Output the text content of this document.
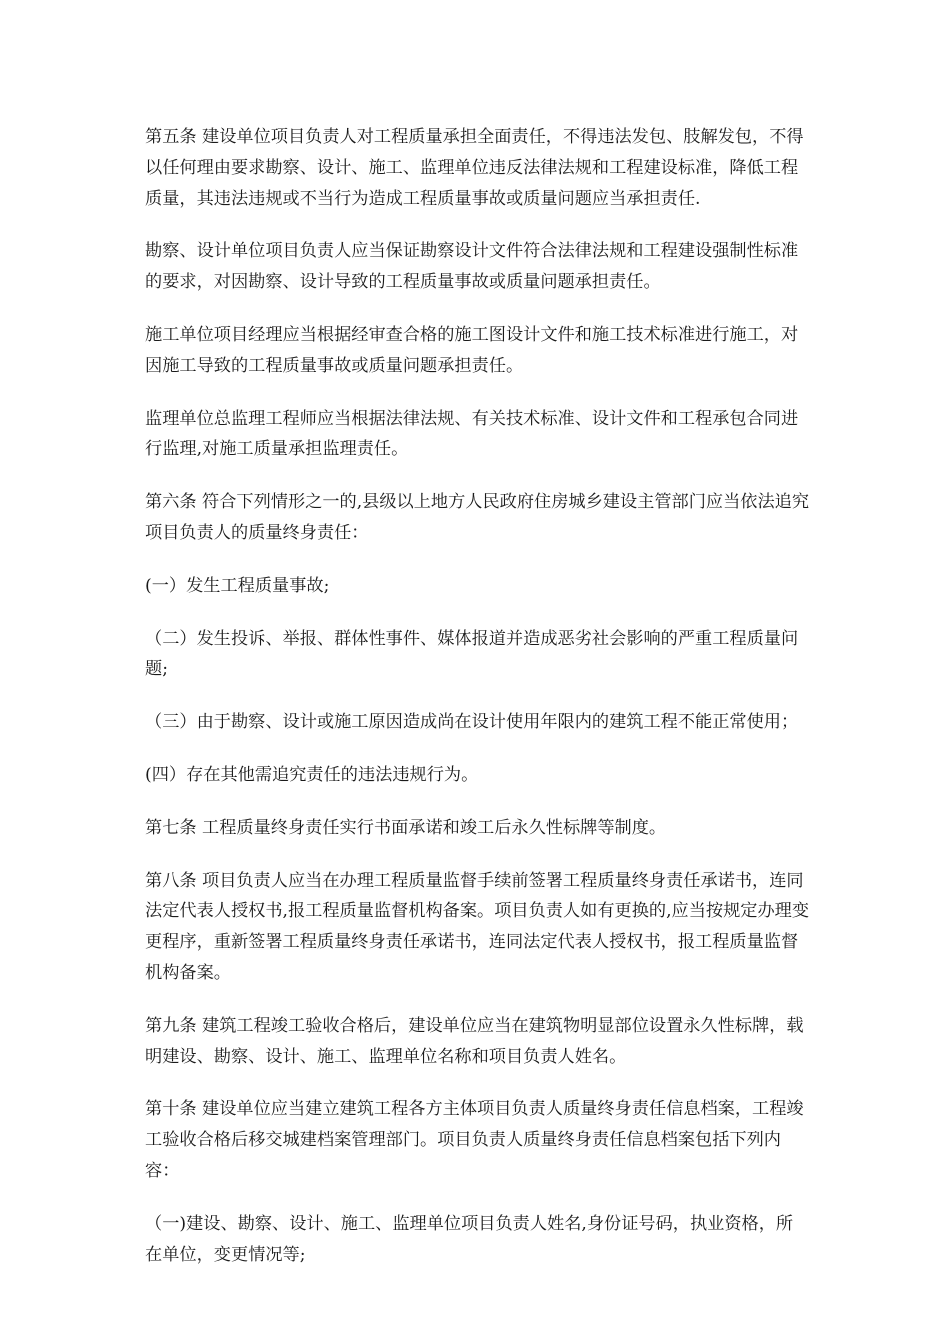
第五条 建设单位项目负责人对工程质量承担全面责任，不得违法发包、肢解发包，不得以任何理由要求勘察、设计、施工、监理单位违反法律法规和工程建设标准，降低工程质量，其违法违规或不当行为造成工程质量事故或质量问题应当承担责任.

勘察、设计单位项目负责人应当保证勘察设计文件符合法律法规和工程建设强制性标准的要求，对因勘察、设计导致的工程质量事故或质量问题承担责任。

施工单位项目经理应当根据经审查合格的施工图设计文件和施工技术标准进行施工，对因施工导致的工程质量事故或质量问题承担责任。

监理单位总监理工程师应当根据法律法规、有关技术标准、设计文件和工程承包合同进行监理,对施工质量承担监理责任。

第六条 符合下列情形之一的,县级以上地方人民政府住房城乡建设主管部门应当依法追究项目负责人的质量终身责任：

(一）发生工程质量事故;

（二）发生投诉、举报、群体性事件、媒体报道并造成恶劣社会影响的严重工程质量问题;

（三）由于勘察、设计或施工原因造成尚在设计使用年限内的建筑工程不能正常使用；

(四）存在其他需追究责任的违法违规行为。

第七条 工程质量终身责任实行书面承诺和竣工后永久性标牌等制度。

第八条 项目负责人应当在办理工程质量监督手续前签署工程质量终身责任承诺书，连同法定代表人授权书,报工程质量监督机构备案。项目负责人如有更换的,应当按规定办理变更程序，重新签署工程质量终身责任承诺书，连同法定代表人授权书，报工程质量监督机构备案。

第九条 建筑工程竣工验收合格后，建设单位应当在建筑物明显部位设置永久性标牌，载明建设、勘察、设计、施工、监理单位名称和项目负责人姓名。

第十条 建设单位应当建立建筑工程各方主体项目负责人质量终身责任信息档案，工程竣工验收合格后移交城建档案管理部门。项目负责人质量终身责任信息档案包括下列内容：

（一)建设、勘察、设计、施工、监理单位项目负责人姓名,身份证号码，执业资格，所在单位，变更情况等;
